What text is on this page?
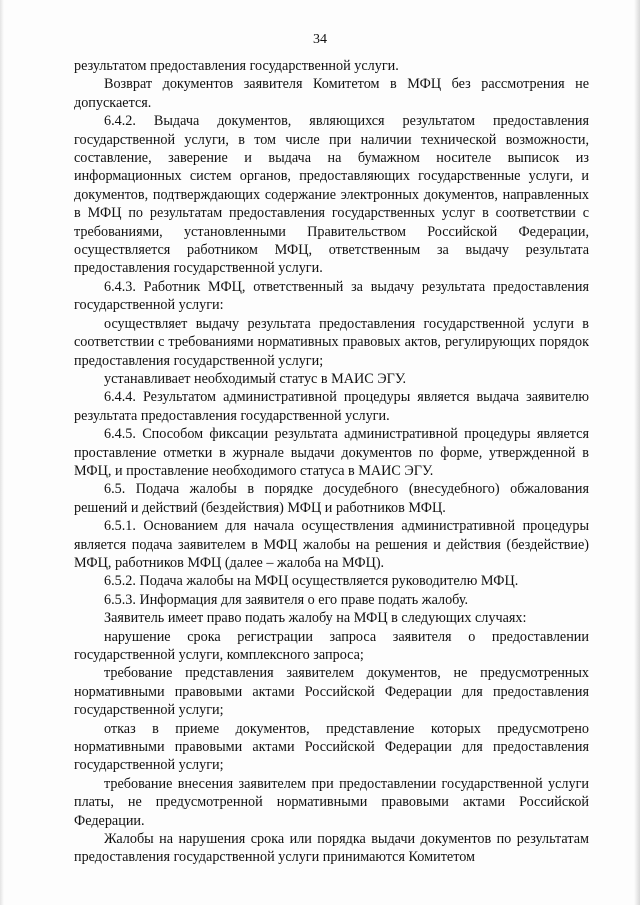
34

результатом предоставления государственной услуги.

Возврат документов заявителя Комитетом в МФЦ без рассмотрения не допускается.

6.4.2. Выдача документов, являющихся результатом предоставления государственной услуги, в том числе при наличии технической возможности, составление, заверение и выдача на бумажном носителе выписок из информационных систем органов, предоставляющих государственные услуги, и документов, подтверждающих содержание электронных документов, направленных в МФЦ по результатам предоставления государственных услуг в соответствии с требованиями, установленными Правительством Российской Федерации, осуществляется работником МФЦ, ответственным за выдачу результата предоставления государственной услуги.

6.4.3. Работник МФЦ, ответственный за выдачу результата предоставления государственной услуги:

осуществляет выдачу результата предоставления государственной услуги в соответствии с требованиями нормативных правовых актов, регулирующих порядок предоставления государственной услуги;

устанавливает необходимый статус в МАИС ЭГУ.

6.4.4. Результатом административной процедуры является выдача заявителю результата предоставления государственной услуги.

6.4.5. Способом фиксации результата административной процедуры является проставление отметки в журнале выдачи документов по форме, утвержденной в МФЦ, и проставление необходимого статуса в МАИС ЭГУ.

6.5. Подача жалобы в порядке досудебного (внесудебного) обжалования решений и действий (бездействия) МФЦ и работников МФЦ.

6.5.1. Основанием для начала осуществления административной процедуры является подача заявителем в МФЦ жалобы на решения и действия (бездействие) МФЦ, работников МФЦ (далее – жалоба на МФЦ).

6.5.2. Подача жалобы на МФЦ осуществляется руководителю МФЦ.

6.5.3. Информация для заявителя о его праве подать жалобу.

Заявитель имеет право подать жалобу на МФЦ в следующих случаях:

нарушение срока регистрации запроса заявителя о предоставлении государственной услуги, комплексного запроса;

требование представления заявителем документов, не предусмотренных нормативными правовыми актами Российской Федерации для предоставления государственной услуги;

отказ в приеме документов, представление которых предусмотрено нормативными правовыми актами Российской Федерации для предоставления государственной услуги;

требование внесения заявителем при предоставлении государственной услуги платы, не предусмотренной нормативными правовыми актами Российской Федерации.

Жалобы на нарушения срока или порядка выдачи документов по результатам предоставления государственной услуги принимаются Комитетом
